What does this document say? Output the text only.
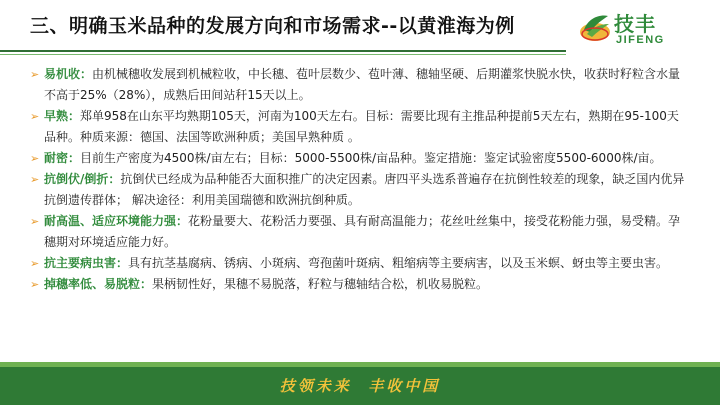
三、明确玉米品种的发展方向和市场需求--以黄淮海为例	技丰
JIFENG
➢ 易机收：由机械穗收发展到机械粒收，中长穗、苞叶层数少、苞叶薄、穗轴坚硬、后期灌浆快脱水快，收获时籽粒含水量不高于25%（28%），成熟后田间站秆15天以上。
➢ 早熟：郑单958在山东平均熟期105天，河南为100天左右。目标：需要比现有主推品种提前5天左右，熟期在95-100天品种。种质来源：德国、法国等欧洲种质；美国早熟种质 。
➢ 耐密：目前生产密度为4500株/亩左右；目标：5000-5500株/亩品种。鉴定措施：鉴定试验密度5500-6000株/亩。
➢ 抗倒伏/倒折：抗倒伏已经成为品种能否大面积推广的决定因素。唐四平头选系普遍存在抗倒性较差的现象，缺乏国内优异抗倒遗传群体； 解决途径：利用美国瑞德和欧洲抗倒种质。
➢ 耐高温、适应环境能力强：花粉量要大、花粉活力要强、具有耐高温能力；花丝吐丝集中，接受花粉能力强，易受精。孕穗期对环境适应能力好。
➢ 抗主要病虫害：具有抗茎基腐病、锈病、小斑病、弯孢菌叶斑病、粗缩病等主要病害，以及玉米螟、蚜虫等主要虫害。
➢ 掉穗率低、易脱粒：果柄韧性好，果穗不易脱落，籽粒与穗轴结合松，机收易脱粒。
技领未来  丰收中国
